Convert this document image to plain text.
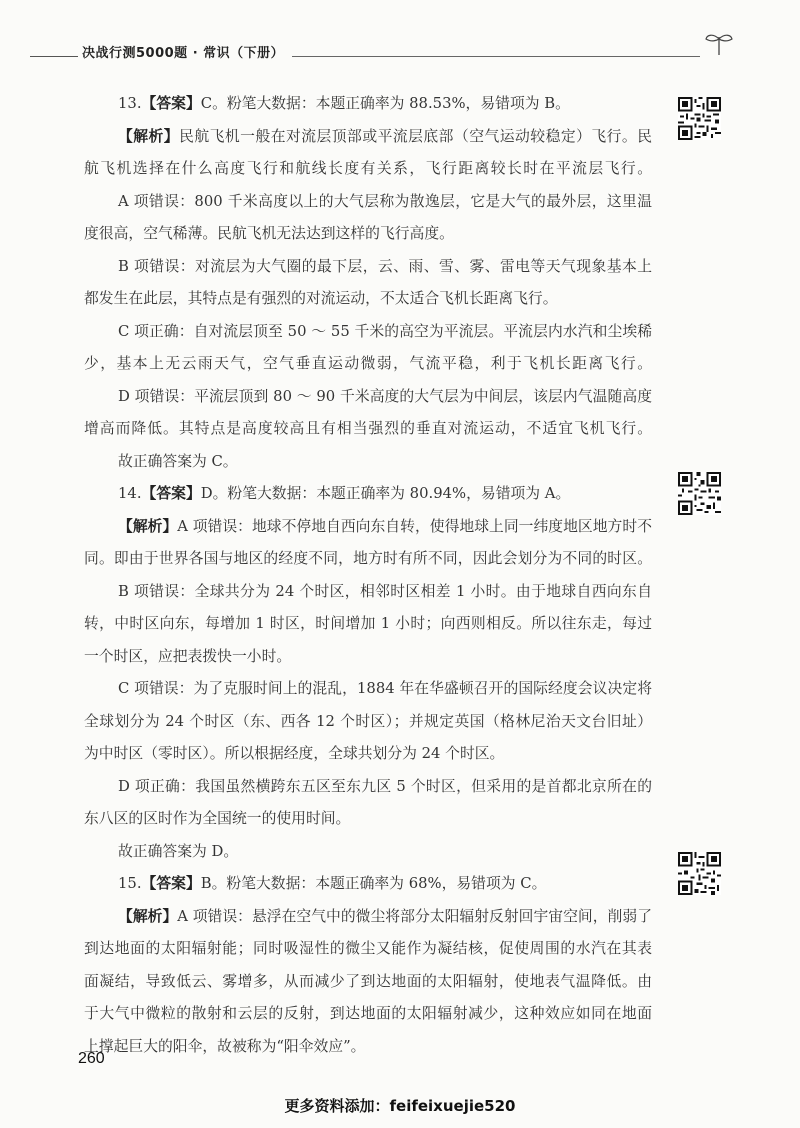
决战行测5000题 · 常识（下册）
13.【答案】C。粉笔大数据：本题正确率为 88.53%，易错项为 B。
【解析】民航飞机一般在对流层顶部或平流层底部（空气运动较稳定）飞行。民
航飞机选择在什么高度飞行和航线长度有关系，飞行距离较长时在平流层飞行。
A 项错误：800 千米高度以上的大气层称为散逸层，它是大气的最外层，这里温
度很高，空气稀薄。民航飞机无法达到这样的飞行高度。
B 项错误：对流层为大气圈的最下层，云、雨、雪、雾、雷电等天气现象基本上
都发生在此层，其特点是有强烈的对流运动，不太适合飞机长距离飞行。
C 项正确：自对流层顶至 50 ～ 55 千米的高空为平流层。平流层内水汽和尘埃稀
少，基本上无云雨天气，空气垂直运动微弱，气流平稳，利于飞机长距离飞行。
D 项错误：平流层顶到 80 ～ 90 千米高度的大气层为中间层，该层内气温随高度
增高而降低。其特点是高度较高且有相当强烈的垂直对流运动，不适宜飞机飞行。
故正确答案为 C。
14.【答案】D。粉笔大数据：本题正确率为 80.94%，易错项为 A。
【解析】A 项错误：地球不停地自西向东自转，使得地球上同一纬度地区地方时不
同。即由于世界各国与地区的经度不同，地方时有所不同，因此会划分为不同的时区。
B 项错误：全球共分为 24 个时区，相邻时区相差 1 小时。由于地球自西向东自
转，中时区向东，每增加 1 时区，时间增加 1 小时；向西则相反。所以往东走，每过
一个时区，应把表拨快一小时。
C 项错误：为了克服时间上的混乱，1884 年在华盛顿召开的国际经度会议决定将
全球划分为 24 个时区（东、西各 12 个时区）；并规定英国（格林尼治天文台旧址）
为中时区（零时区）。所以根据经度，全球共划分为 24 个时区。
D 项正确：我国虽然横跨东五区至东九区 5 个时区，但采用的是首都北京所在的
东八区的区时作为全国统一的使用时间。
故正确答案为 D。
15.【答案】B。粉笔大数据：本题正确率为 68%，易错项为 C。
【解析】A 项错误：悬浮在空气中的微尘将部分太阳辐射反射回宇宙空间，削弱了
到达地面的太阳辐射能；同时吸湿性的微尘又能作为凝结核，促使周围的水汽在其表
面凝结，导致低云、雾增多，从而减少了到达地面的太阳辐射，使地表气温降低。由
于大气中微粒的散射和云层的反射，到达地面的太阳辐射减少，这种效应如同在地面
上撑起巨大的阳伞，故被称为“阳伞效应”。
260
更多资料添加：feifeixuejie520
